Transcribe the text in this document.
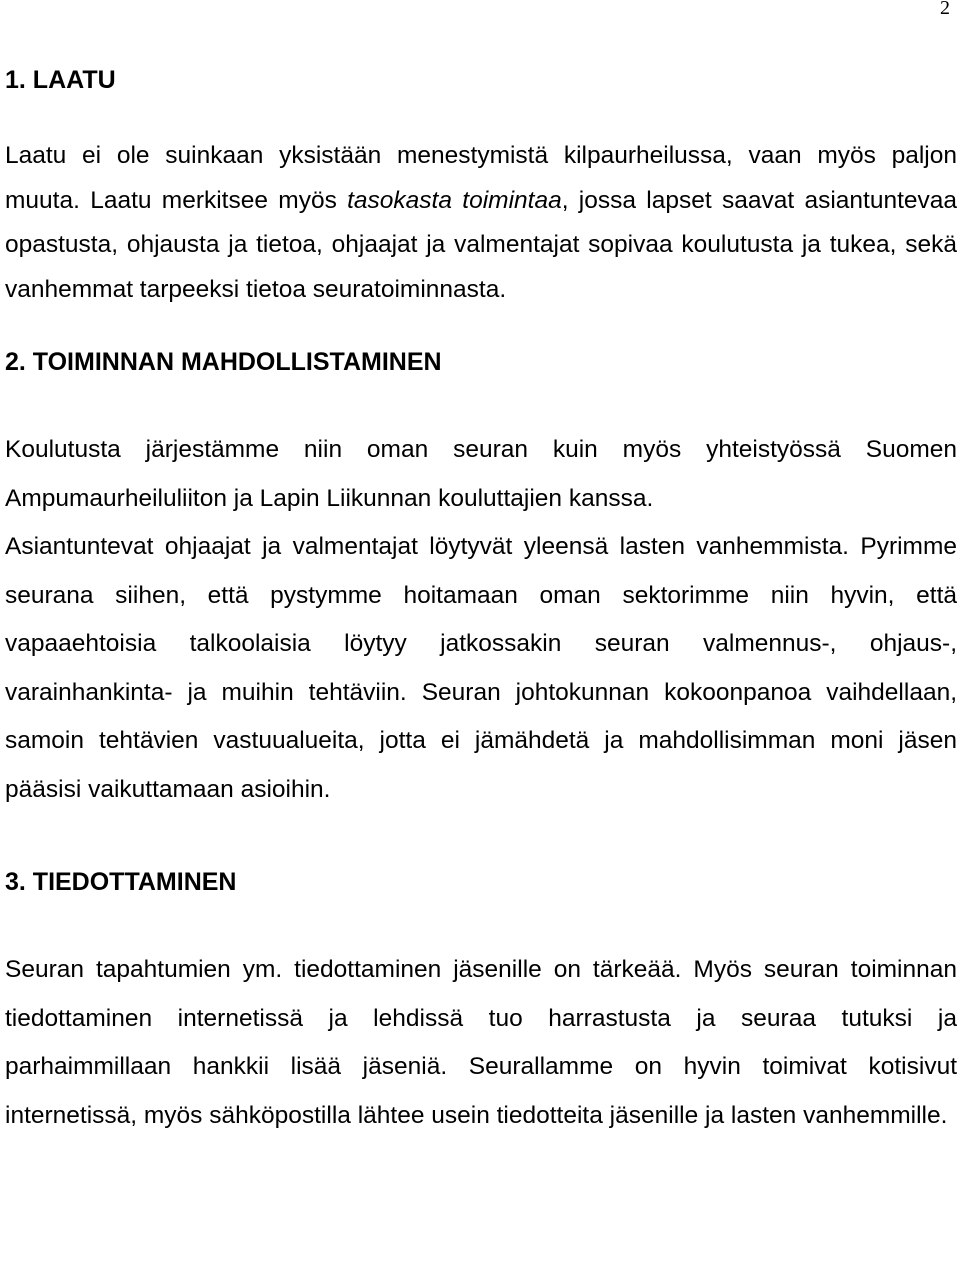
2
1. LAATU

Laatu ei ole suinkaan yksistään menestymistä kilpaurheilussa, vaan myös paljon muuta. Laatu merkitsee myös tasokasta toimintaa, jossa lapset saavat asiantuntevaa opastusta, ohjausta ja tietoa, ohjaajat ja valmentajat sopivaa koulutusta ja tukea, sekä vanhemmat tarpeeksi tietoa seuratoiminnasta.

2. TOIMINNAN MAHDOLLISTAMINEN

Koulutusta järjestämme niin oman seuran kuin myös yhteistyössä Suomen Ampumaurheiluliiton ja Lapin Liikunnan kouluttajien kanssa.
Asiantuntevat ohjaajat ja valmentajat löytyvät yleensä lasten vanhemmista. Pyrimme seurana siihen, että pystymme hoitamaan oman sektorimme niin hyvin, että vapaaehtoisia talkoolaisia löytyy jatkossakin seuran valmennus-, ohjaus-, varainhankinta- ja muihin tehtäviin. Seuran johtokunnan kokoonpanoa vaihdellaan, samoin tehtävien vastuualueita, jotta ei jämähdetä ja mahdollisimman moni jäsen pääsisi vaikuttamaan asioihin.

3. TIEDOTTAMINEN

Seuran tapahtumien ym. tiedottaminen jäsenille on tärkeää. Myös seuran toiminnan tiedottaminen internetissä ja lehdissä tuo harrastusta ja seuraa tutuksi ja parhaimmillaan hankkii lisää jäseniä. Seurallamme on hyvin toimivat kotisivut internetissä, myös sähköpostilla lähtee usein tiedotteita jäsenille ja lasten vanhemmille.
